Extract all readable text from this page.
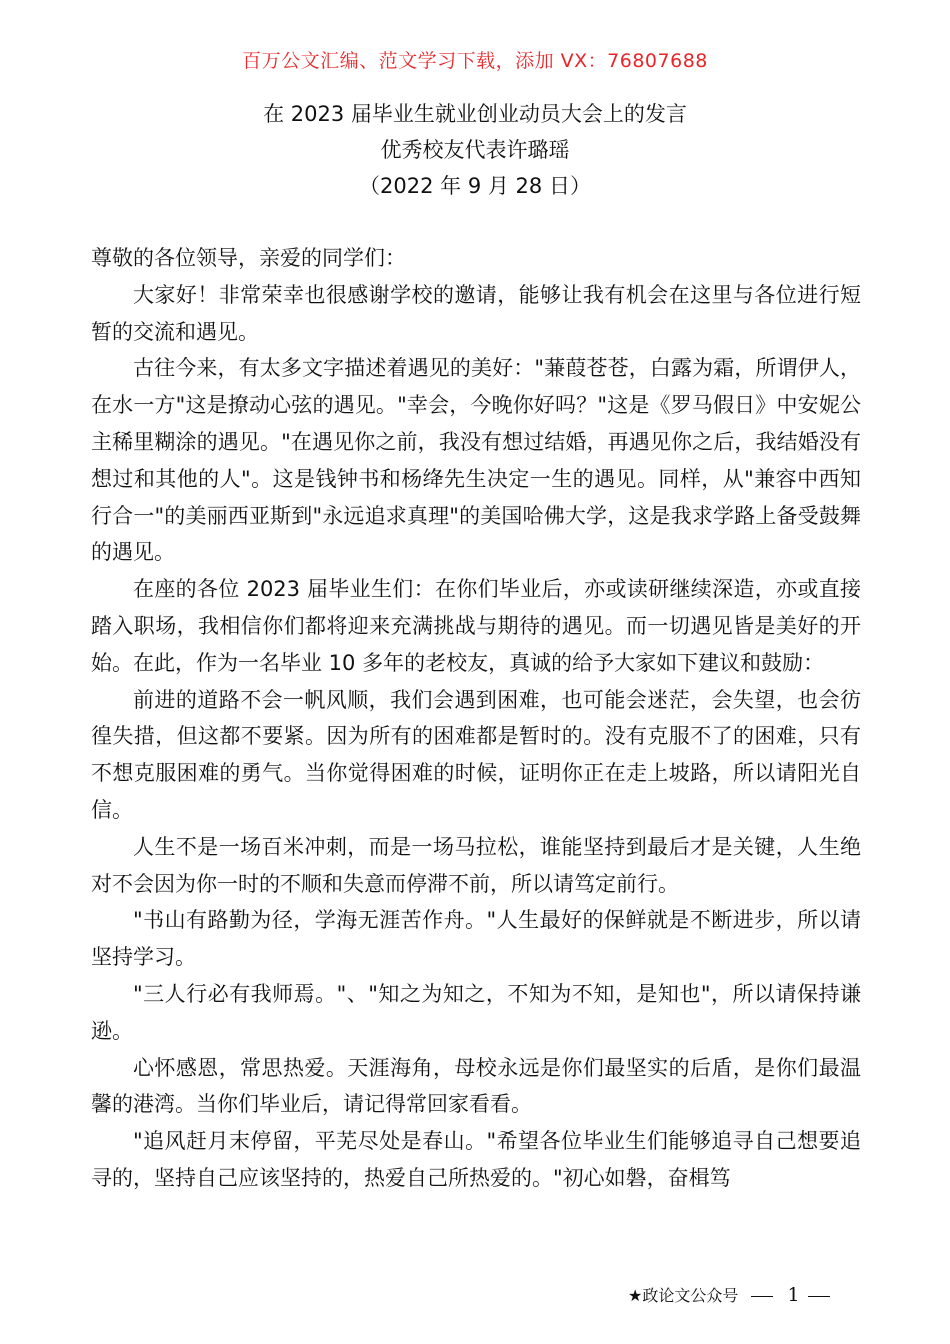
百万公文汇编、范文学习下载，添加 VX：76807688
在 2023 届毕业生就业创业动员大会上的发言
优秀校友代表许璐瑶
（2022 年 9 月 28 日）

尊敬的各位领导，亲爱的同学们：

大家好！非常荣幸也很感谢学校的邀请，能够让我有机会在这里与各位进行短暂的交流和遇见。

古往今来，有太多文字描述着遇见的美好："蒹葭苍苍，白露为霜，所谓伊人，在水一方"这是撩动心弦的遇见。"幸会，今晚你好吗？"这是《罗马假日》中安妮公主稀里糊涂的遇见。"在遇见你之前，我没有想过结婚，再遇见你之后，我结婚没有想过和其他的人"。这是钱钟书和杨绛先生决定一生的遇见。同样，从"兼容中西知行合一"的美丽西亚斯到"永远追求真理"的美国哈佛大学，这是我求学路上备受鼓舞的遇见。

在座的各位 2023 届毕业生们：在你们毕业后，亦或读研继续深造，亦或直接踏入职场，我相信你们都将迎来充满挑战与期待的遇见。而一切遇见皆是美好的开始。在此，作为一名毕业 10 多年的老校友，真诚的给予大家如下建议和鼓励：

前进的道路不会一帆风顺，我们会遇到困难，也可能会迷茫，会失望，也会彷徨失措，但这都不要紧。因为所有的困难都是暂时的。没有克服不了的困难，只有不想克服困难的勇气。当你觉得困难的时候，证明你正在走上坡路，所以请阳光自信。

人生不是一场百米冲刺，而是一场马拉松，谁能坚持到最后才是关键，人生绝对不会因为你一时的不顺和失意而停滞不前，所以请笃定前行。

"书山有路勤为径，学海无涯苦作舟。"人生最好的保鲜就是不断进步，所以请坚持学习。

"三人行必有我师焉。"、"知之为知之，不知为不知，是知也"，所以请保持谦逊。

心怀感恩，常思热爱。天涯海角，母校永远是你们最坚实的后盾，是你们最温馨的港湾。当你们毕业后，请记得常回家看看。

"追风赶月末停留，平芜尽处是春山。"希望各位毕业生们能够追寻自己想要追寻的，坚持自己应该坚持的，热爱自己所热爱的。"初心如磐，奋楫笃

★政论文公众号	1
